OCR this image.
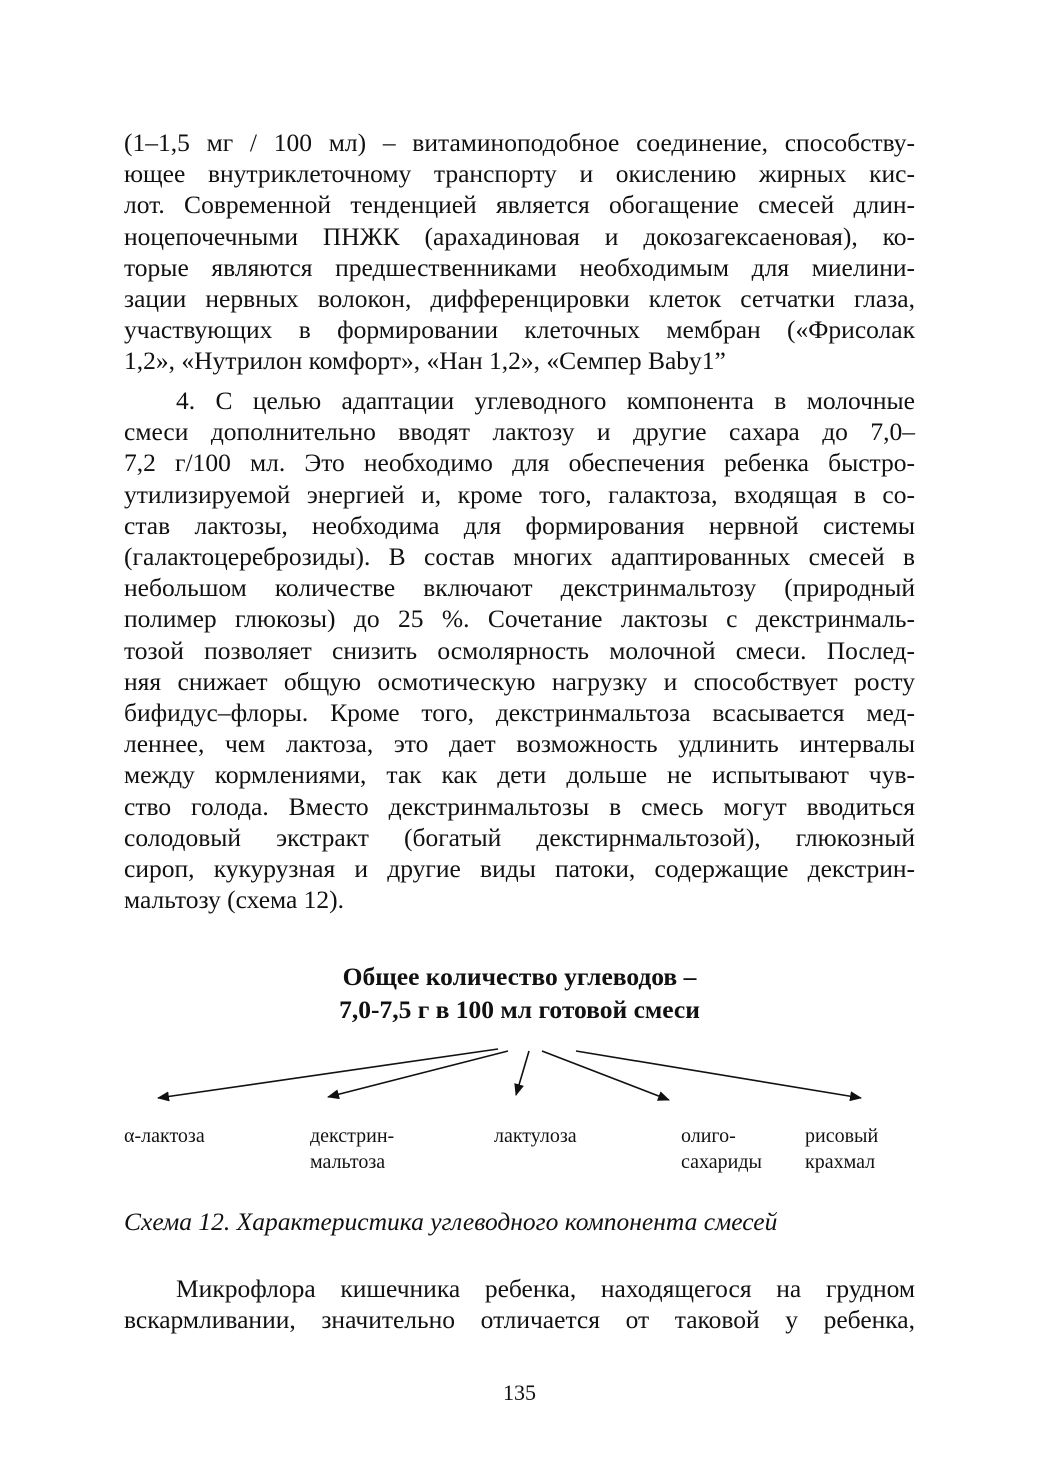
(1–1,5 мг / 100 мл) – витаминоподобное соединение, способству-
ющее внутриклеточному транспорту и окислению жирных кис-
лот. Современной тенденцией является обогащение смесей длин-
ноцепочечными ПНЖК (арахадиновая и докозагексаеновая), ко-
торые являются предшественниками необходимым для миелини-
зации нервных волокон, дифференцировки клеток сетчатки глаза,
участвующих в формировании клеточных мембран («Фрисолак
1,2», «Нутрилон комфорт», «Нан 1,2», «Семпер Baby1”
4. С целью адаптации углеводного компонента в молочные
смеси дополнительно вводят лактозу и другие сахара до 7,0–
7,2 г/100 мл. Это необходимо для обеспечения ребенка быстро-
утилизируемой энергией и, кроме того, галактоза, входящая в со-
став лактозы, необходима для формирования нервной системы
(галактоцереброзиды). В состав многих адаптированных смесей в
небольшом количестве включают декстринмальтозу (природный
полимер глюкозы) до 25 %. Сочетание лактозы с декстринмаль-
тозой позволяет снизить осмолярность молочной смеси. Послед-
няя снижает общую осмотическую нагрузку и способствует росту
бифидус–флоры. Кроме того, декстринмальтоза всасывается мед-
леннее, чем лактоза, это дает возможность удлинить интервалы
между кормлениями, так как дети дольше не испытывают чув-
ство голода. Вместо декстринмальтозы в смесь могут вводиться
солодовый экстракт (богатый декстирнмальтозой), глюкозный
сироп, кукурузная и другие виды патоки, содержащие декстрин-
мальтозу (схема 12).
Общее количество углеводов –
7,0-7,5 г в 100 мл готовой смеси
α-лактоза	декстрин-
мальтоза
лактулоза	олиго-
сахариды
рисовый
крахмал
Схема 12. Характеристика углеводного компонента смесей
Микрофлора кишечника ребенка, находящегося на грудном
вскармливании, значительно отличается от таковой у ребенка,
135
